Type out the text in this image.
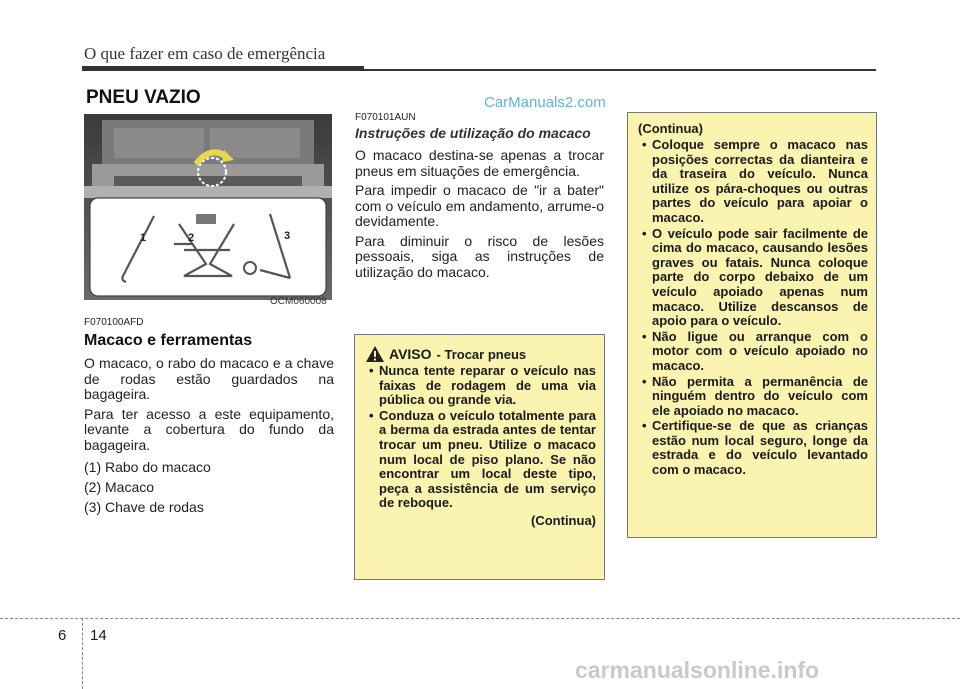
O que fazer em caso de emergência
PNEU VAZIO	CarManuals2.com
1	2	3
OCM060008
F070100AFD
Macaco e ferramentas

O macaco, o rabo do macaco e a chave de rodas estão guardados na bagageira.

Para ter acesso a este equipamento, levante a cobertura do fundo da bagageira.

(1) Rabo do macaco
(2) Macaco
(3) Chave de rodas
F070101AUN
Instruções de utilização do macaco

O macaco destina-se apenas a trocar pneus em situações de emergência.

Para impedir o macaco de "ir a bater" com o veículo em andamento, arrume-o devidamente.

Para diminuir o risco de lesões pessoais, siga as instruções de utilização do macaco.

AVISO - Trocar pneus
• Nunca tente reparar o veículo nas faixas de rodagem de uma via pública ou grande via.
• Conduza o veículo totalmente para a berma da estrada antes de tentar trocar um pneu. Utilize o macaco num local de piso plano. Se não encontrar um local deste tipo, peça a assistência de um serviço de reboque.
(Continua)
(Continua)
• Coloque sempre o macaco nas posições correctas da dianteira e da traseira do veículo. Nunca utilize os pára-choques ou outras partes do veículo para apoiar o macaco.
• O veículo pode sair facilmente de cima do macaco, causando lesões graves ou fatais. Nunca coloque parte do corpo debaixo de um veículo apoiado apenas num macaco. Utilize descansos de apoio para o veículo.
• Não ligue ou arranque com o motor com o veículo apoiado no macaco.
• Não permita a permanência de ninguém dentro do veículo com ele apoiado no macaco.
• Certifique-se de que as crianças estão num local seguro, longe da estrada e do veículo levantado com o macaco.
6 14
carmanualsonline.info
